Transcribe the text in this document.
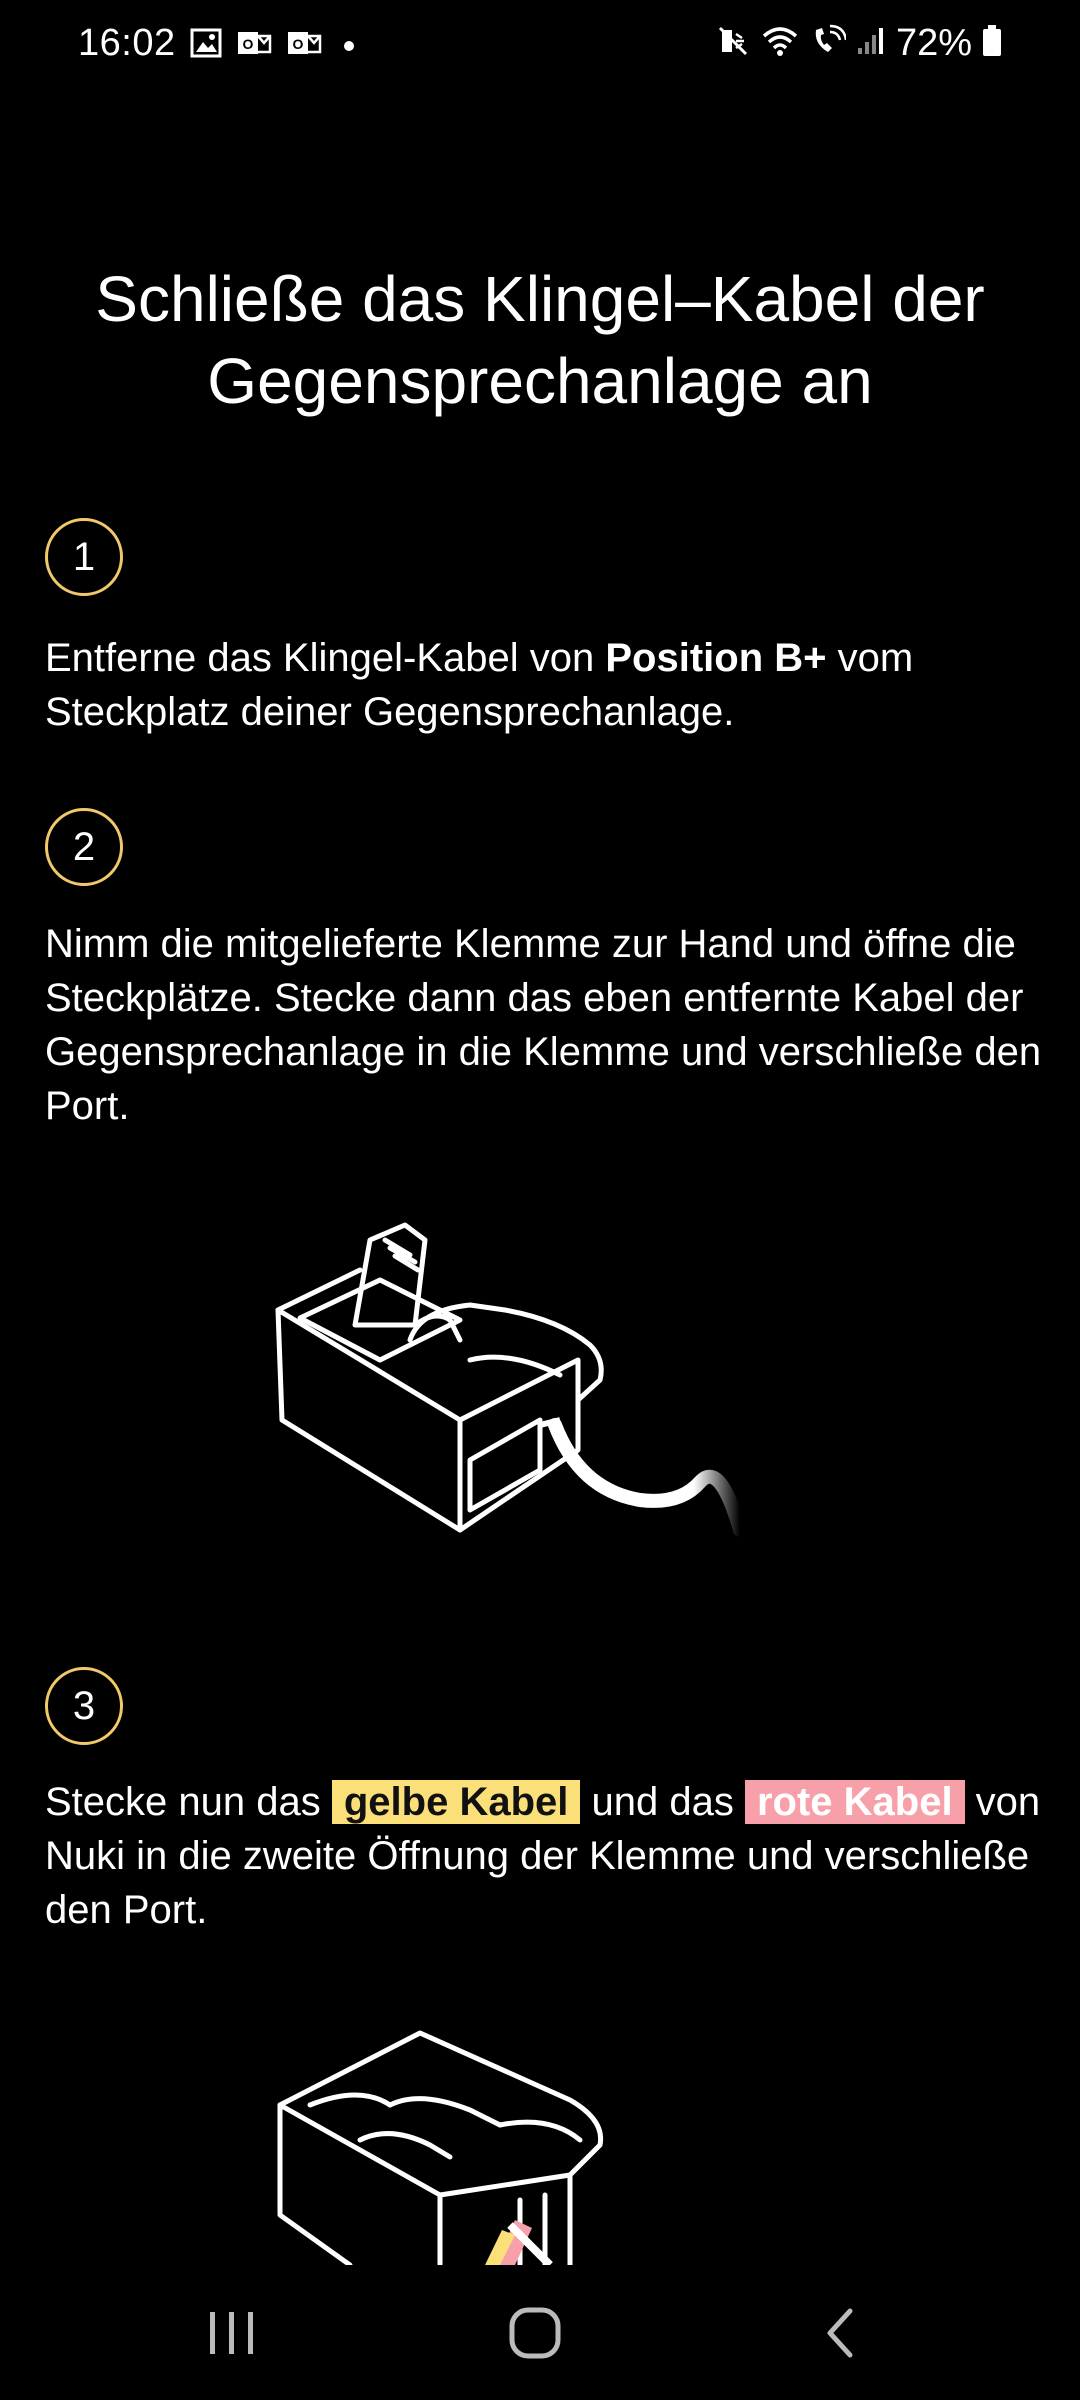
16:02	O	O	72%
Schließe das Klingel–Kabel der
Gegensprechanlage an
1
Entferne das Klingel-Kabel von Position B+ vom Steckplatz deiner Gegensprechanlage.
2
Nimm die mitgelieferte Klemme zur Hand und öffne die Steckplätze. Stecke dann das eben entfernte Kabel der Gegensprechanlage in die Klemme und verschließe den Port.
3
Stecke nun das gelbe Kabel und das rote Kabel von Nuki in die zweite Öffnung der Klemme und verschließe den Port.
